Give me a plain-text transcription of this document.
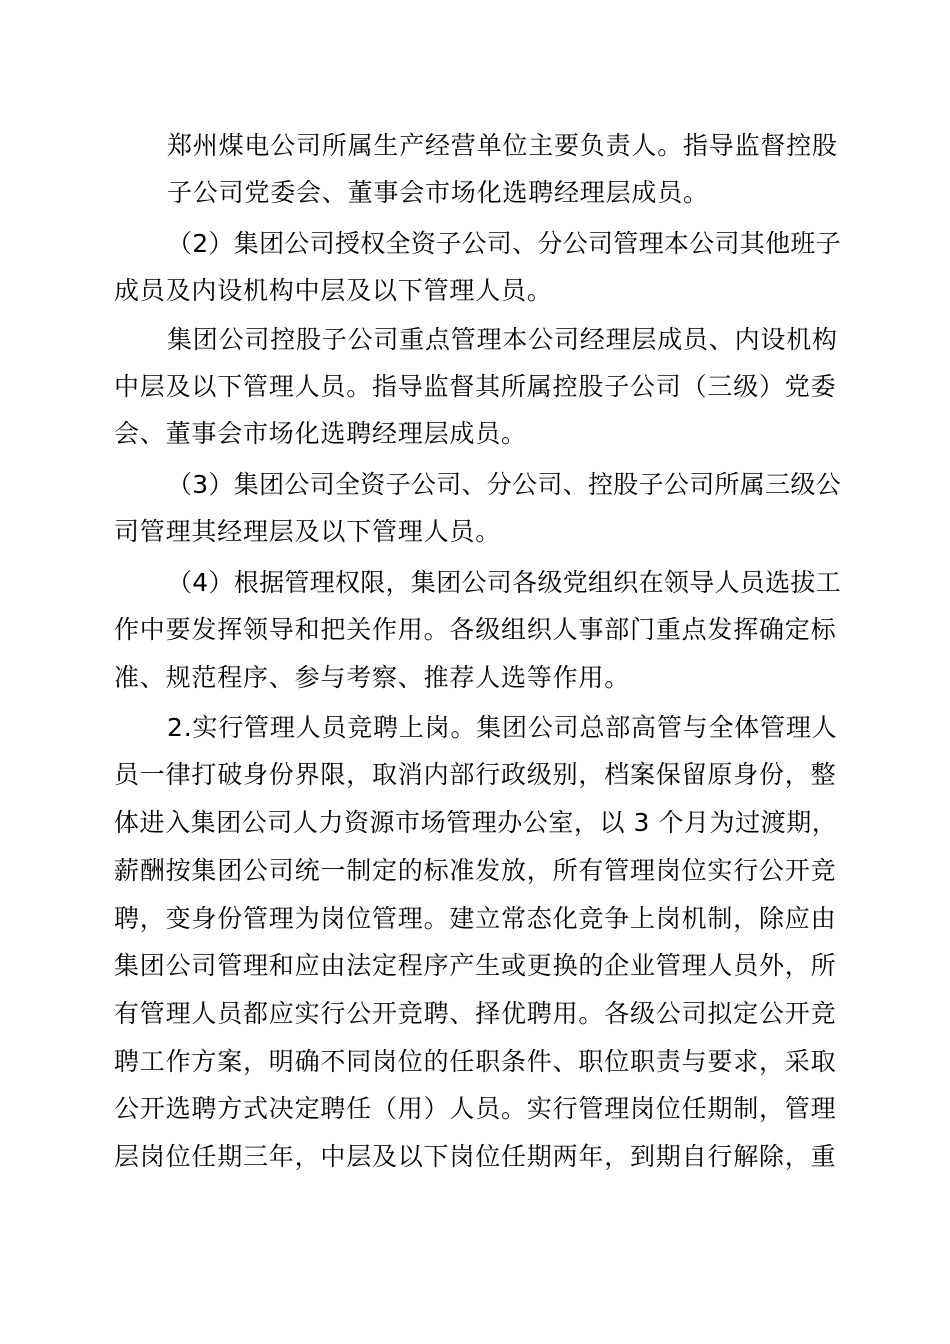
郑州煤电公司所属生产经营单位主要负责人。指导监督控股
子公司党委会、董事会市场化选聘经理层成员。
（2）集团公司授权全资子公司、分公司管理本公司其他班子
成员及内设机构中层及以下管理人员。
集团公司控股子公司重点管理本公司经理层成员、内设机构
中层及以下管理人员。指导监督其所属控股子公司（三级）党委
会、董事会市场化选聘经理层成员。
（3）集团公司全资子公司、分公司、控股子公司所属三级公
司管理其经理层及以下管理人员。
（4）根据管理权限，集团公司各级党组织在领导人员选拔工
作中要发挥领导和把关作用。各级组织人事部门重点发挥确定标
准、规范程序、参与考察、推荐人选等作用。
2.实行管理人员竞聘上岗。集团公司总部高管与全体管理人
员一律打破身份界限，取消内部行政级别，档案保留原身份，整
体进入集团公司人力资源市场管理办公室，以 3 个月为过渡期，
薪酬按集团公司统一制定的标准发放，所有管理岗位实行公开竞
聘，变身份管理为岗位管理。建立常态化竞争上岗机制，除应由
集团公司管理和应由法定程序产生或更换的企业管理人员外，所
有管理人员都应实行公开竞聘、择优聘用。各级公司拟定公开竞
聘工作方案，明确不同岗位的任职条件、职位职责与要求，采取
公开选聘方式决定聘任（用）人员。实行管理岗位任期制，管理
层岗位任期三年，中层及以下岗位任期两年，到期自行解除，重
